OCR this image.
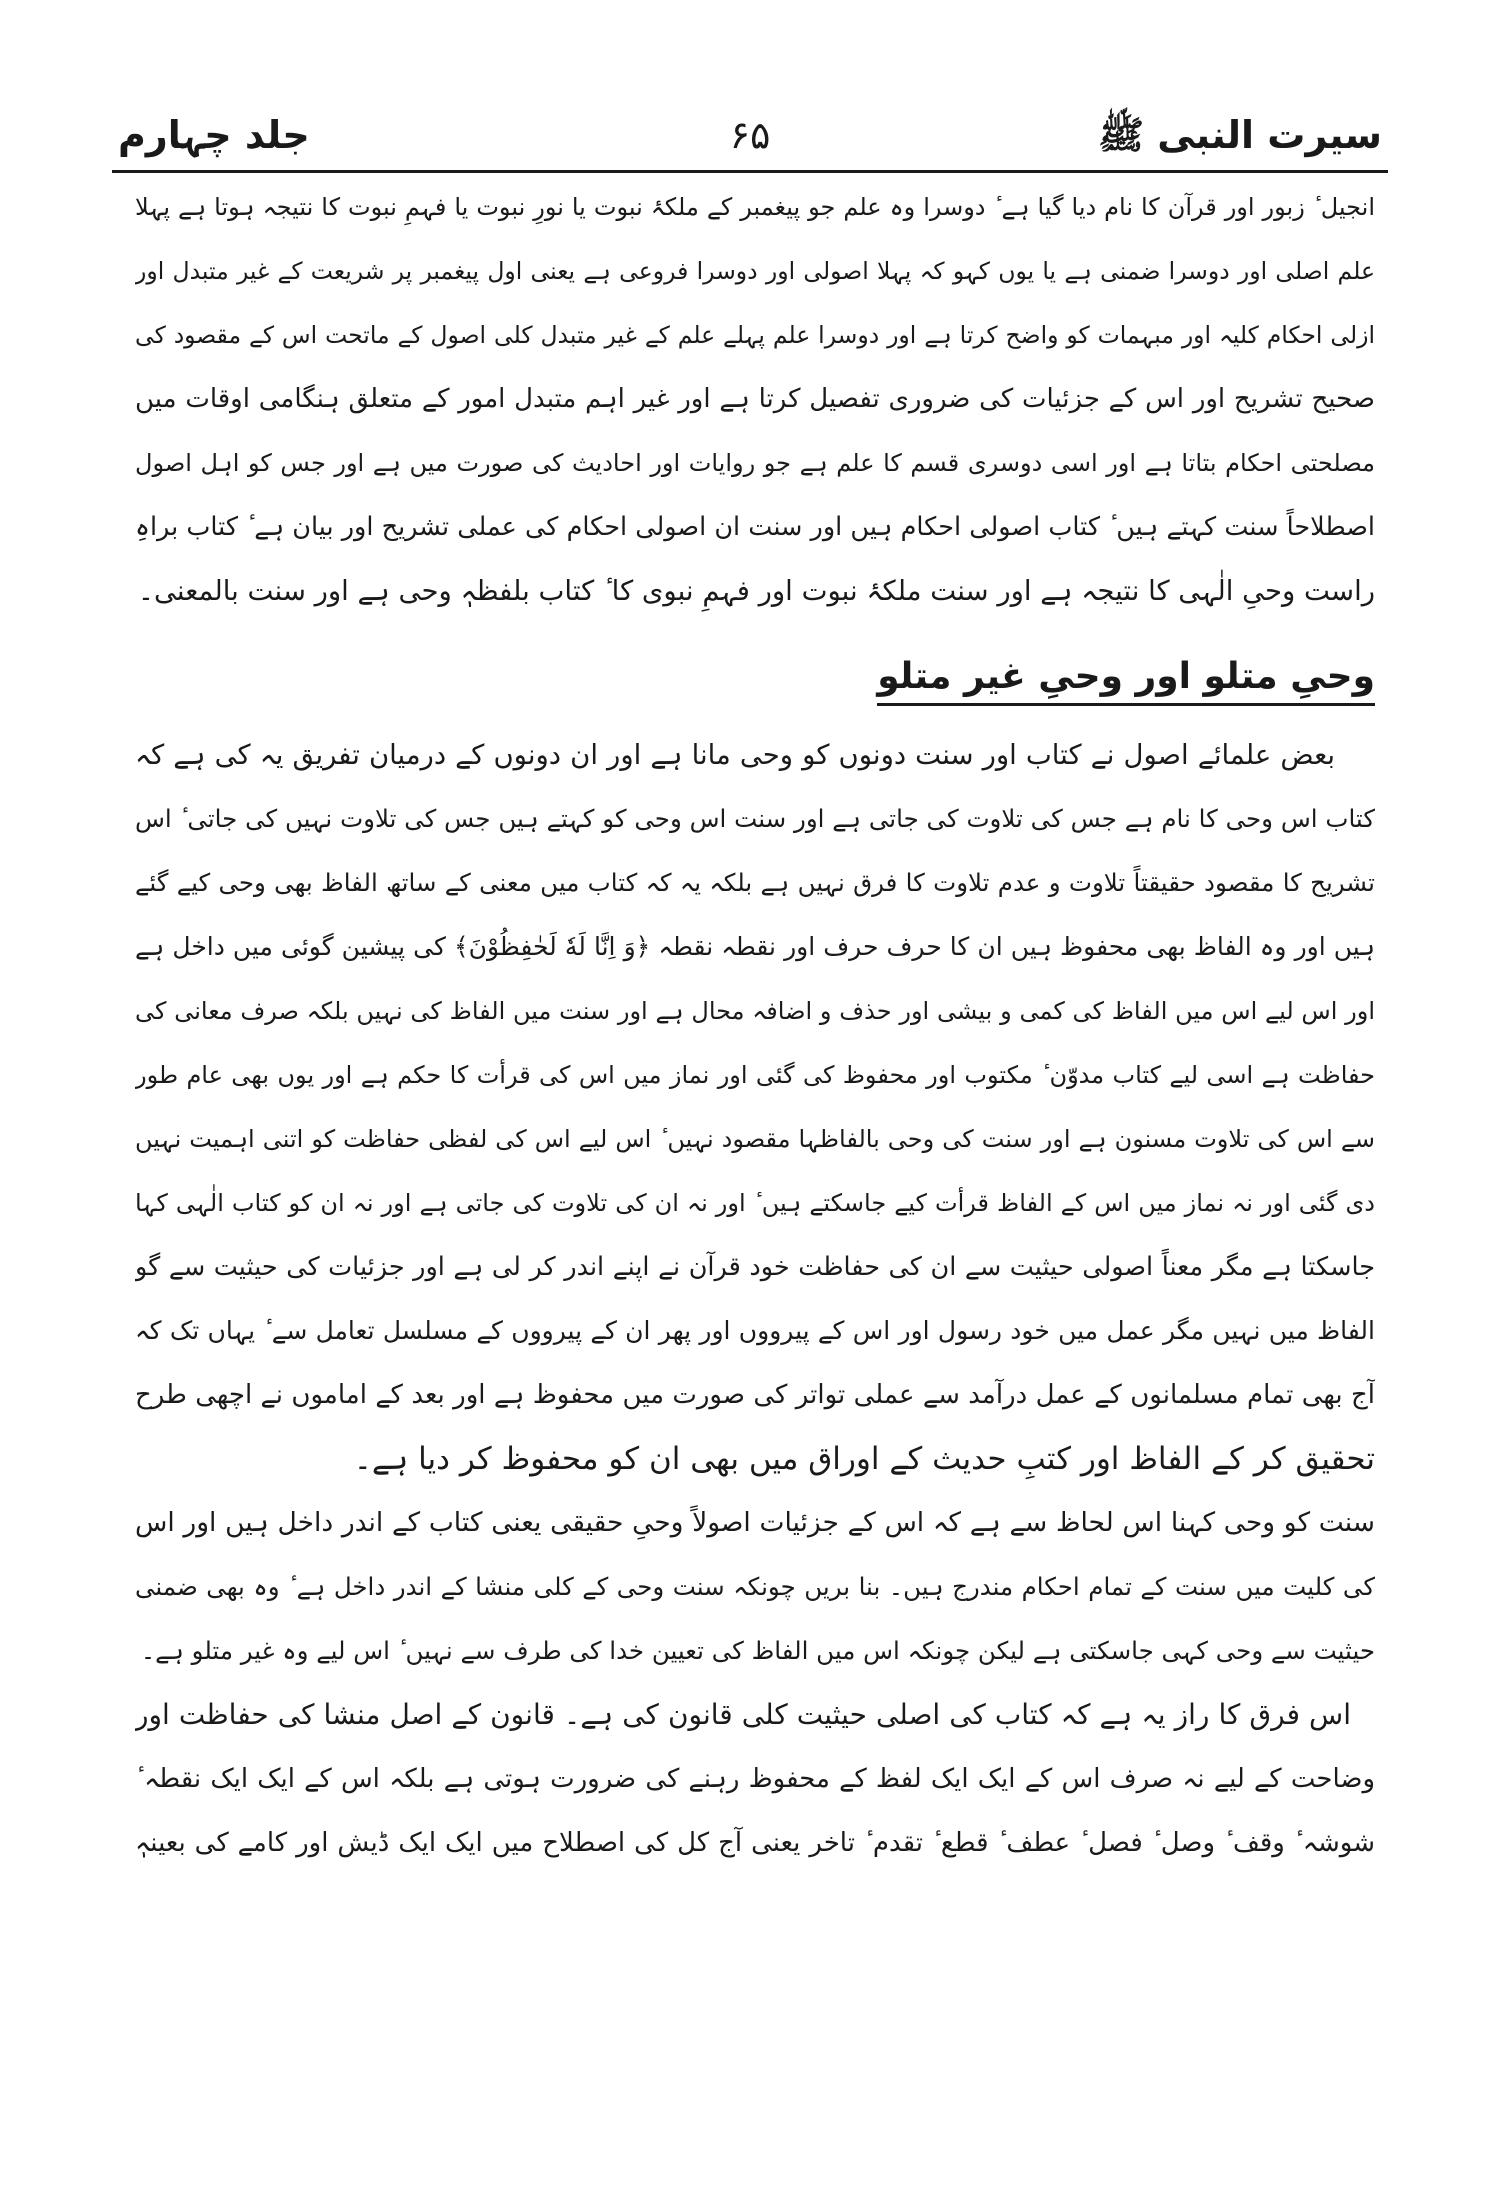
سیرت النبی ﷺ
۶۵
جلد چہارم
انجیل ٔ زبور اور قرآن کا نام دیا گیا ہے ٔ دوسرا وہ علم جو پیغمبر کے ملکۂ نبوت یا نورِ نبوت یا فہمِ نبوت کا نتیجہ ہوتا ہے پہلا
علم اصلی اور دوسرا ضمنی ہے یا یوں کہو کہ پہلا اصولی اور دوسرا فروعی ہے یعنی اول پیغمبر پر شریعت کے غیر متبدل اور
ازلی احکام کلیہ اور مبہمات کو واضح کرتا ہے اور دوسرا علم پہلے علم کے غیر متبدل کلی اصول کے ماتحت اس کے مقصود کی
صحیح تشریح اور اس کے جزئیات کی ضروری تفصیل کرتا ہے اور غیر اہم متبدل امور کے متعلق ہنگامی اوقات میں
مصلحتی احکام بتاتا ہے اور اسی دوسری قسم کا علم ہے جو روایات اور احادیث کی صورت میں ہے اور جس کو اہل اصول
اصطلاحاً سنت کہتے ہیں ٔ کتاب اصولی احکام ہیں اور سنت ان اصولی احکام کی عملی تشریح اور بیان ہے ٔ کتاب براہِ
راست وحیِ الٰہی کا نتیجہ ہے اور سنت ملکۂ نبوت اور فہمِ نبوی کا ٔ کتاب بلفظہٖ وحی ہے اور سنت بالمعنی۔
وحیِ متلو اور وحیِ غیر متلو
بعض علمائے اصول نے کتاب اور سنت دونوں کو وحی مانا ہے اور ان دونوں کے درمیان تفریق یہ کی ہے کہ
کتاب اس وحی کا نام ہے جس کی تلاوت کی جاتی ہے اور سنت اس وحی کو کہتے ہیں جس کی تلاوت نہیں کی جاتی ٔ اس
تشریح کا مقصود حقیقتاً تلاوت و عدم تلاوت کا فرق نہیں ہے بلکہ یہ کہ کتاب میں معنی کے ساتھ الفاظ بھی وحی کیے گئے
ہیں اور وہ الفاظ بھی محفوظ ہیں ان کا حرف حرف اور نقطہ نقطہ ﴿وَ اِنَّا لَهٗ لَحٰفِظُوْنَ﴾ کی پیشین گوئی میں داخل ہے
اور اس لیے اس میں الفاظ کی کمی و بیشی اور حذف و اضافہ محال ہے اور سنت میں الفاظ کی نہیں بلکہ صرف معانی کی
حفاظت ہے اسی لیے کتاب مدوّن ٔ مکتوب اور محفوظ کی گئی اور نماز میں اس کی قرأت کا حکم ہے اور یوں بھی عام طور
سے اس کی تلاوت مسنون ہے اور سنت کی وحی بالفاظہا مقصود نہیں ٔ اس لیے اس کی لفظی حفاظت کو اتنی اہمیت نہیں
دی گئی اور نہ نماز میں اس کے الفاظ قرأت کیے جاسکتے ہیں ٔ اور نہ ان کی تلاوت کی جاتی ہے اور نہ ان کو کتاب الٰہی کہا
جاسکتا ہے مگر معناً اصولی حیثیت سے ان کی حفاظت خود قرآن نے اپنے اندر کر لی ہے اور جزئیات کی حیثیت سے گو
الفاظ میں نہیں مگر عمل میں خود رسول اور اس کے پیرووں اور پھر ان کے پیرووں کے مسلسل تعامل سے ٔ یہاں تک کہ
آج بھی تمام مسلمانوں کے عمل درآمد سے عملی تواتر کی صورت میں محفوظ ہے اور بعد کے اماموں نے اچھی طرح
تحقیق کر کے الفاظ اور کتبِ حدیث کے اوراق میں بھی ان کو محفوظ کر دیا ہے۔
سنت کو وحی کہنا اس لحاظ سے ہے کہ اس کے جزئیات اصولاً وحیِ حقیقی یعنی کتاب کے اندر داخل ہیں اور اس
کی کلیت میں سنت کے تمام احکام مندرج ہیں۔ بنا بریں چونکہ سنت وحی کے کلی منشا کے اندر داخل ہے ٔ وہ بھی ضمنی
حیثیت سے وحی کہی جاسکتی ہے لیکن چونکہ اس میں الفاظ کی تعیین خدا کی طرف سے نہیں ٔ اس لیے وہ غیر متلو ہے۔
اس فرق کا راز یہ ہے کہ کتاب کی اصلی حیثیت کلی قانون کی ہے۔ قانون کے اصل منشا کی حفاظت اور
وضاحت کے لیے نہ صرف اس کے ایک ایک لفظ کے محفوظ رہنے کی ضرورت ہوتی ہے بلکہ اس کے ایک ایک نقطہ ٔ
شوشہ ٔ وقف ٔ وصل ٔ فصل ٔ عطف ٔ قطع ٔ تقدم ٔ تاخر یعنی آج کل کی اصطلاح میں ایک ایک ڈیش اور کامے کی بعینہٖ
